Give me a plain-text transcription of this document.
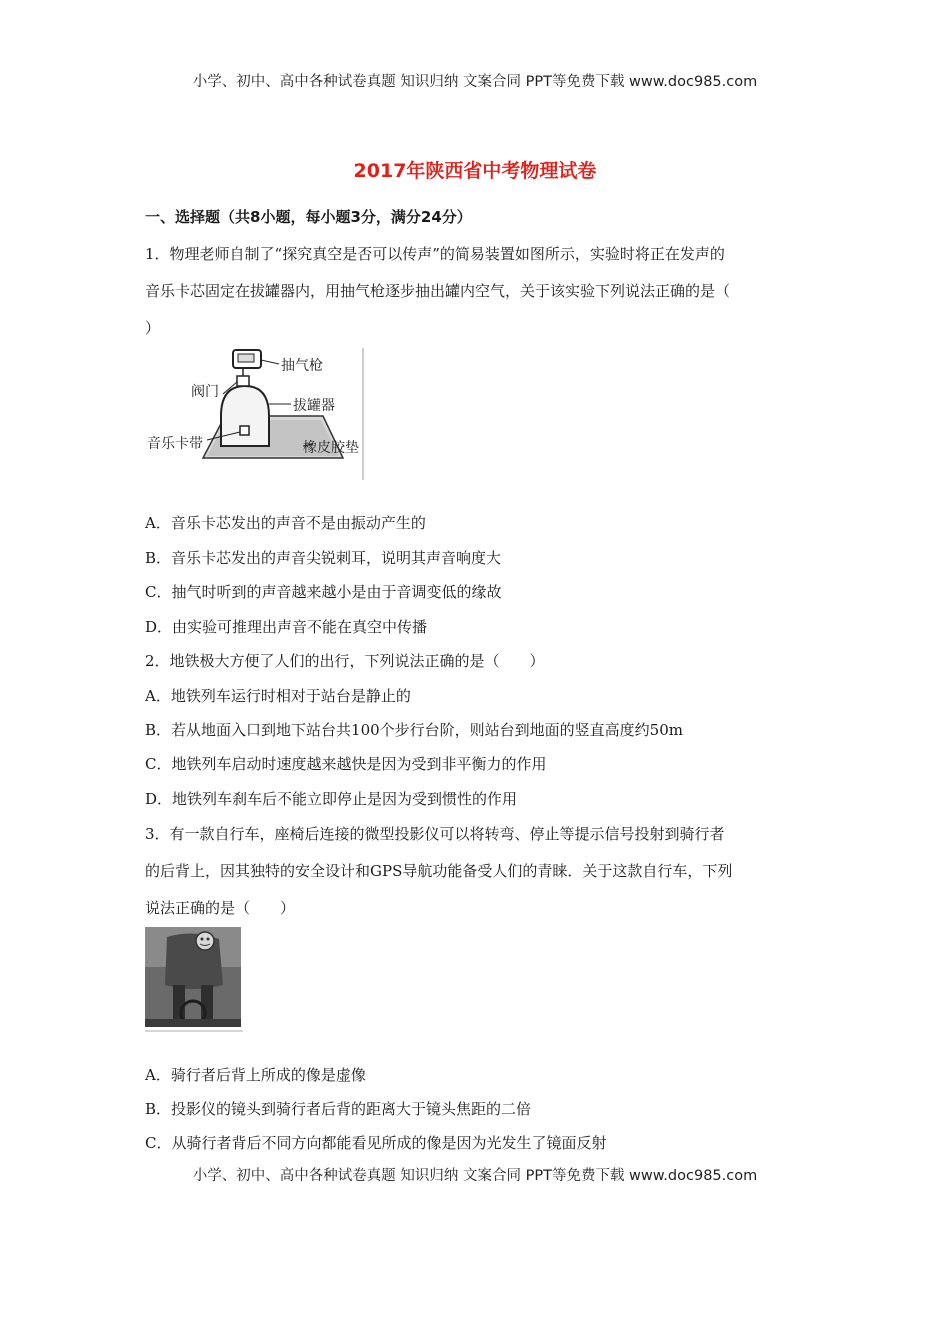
小学、初中、高中各种试卷真题 知识归纳 文案合同 PPT等免费下载 www.doc985.com
2017年陕西省中考物理试卷
一、选择题（共8小题，每小题3分，满分24分）
1．物理老师自制了“探究真空是否可以传声”的简易装置如图所示，实验时将正在发声的
音乐卡芯固定在拔罐器内，用抽气枪逐步抽出罐内空气，关于该实验下列说法正确的是（
）
抽气枪
阀门
拔罐器
音乐卡带	橡皮胶垫
A．音乐卡芯发出的声音不是由振动产生的
B．音乐卡芯发出的声音尖锐刺耳，说明其声音响度大
C．抽气时听到的声音越来越小是由于音调变低的缘故
D．由实验可推理出声音不能在真空中传播
2．地铁极大方便了人们的出行，下列说法正确的是（　　）
A．地铁列车运行时相对于站台是静止的
B．若从地面入口到地下站台共100个步行台阶，则站台到地面的竖直高度约50m
C．地铁列车启动时速度越来越快是因为受到非平衡力的作用
D．地铁列车刹车后不能立即停止是因为受到惯性的作用
3．有一款自行车，座椅后连接的微型投影仪可以将转弯、停止等提示信号投射到骑行者
的后背上，因其独特的安全设计和GPS导航功能备受人们的青睐．关于这款自行车，下列
说法正确的是（　　）
A．骑行者后背上所成的像是虚像
B．投影仪的镜头到骑行者后背的距离大于镜头焦距的二倍
C．从骑行者背后不同方向都能看见所成的像是因为光发生了镜面反射
小学、初中、高中各种试卷真题 知识归纳 文案合同 PPT等免费下载 www.doc985.com
